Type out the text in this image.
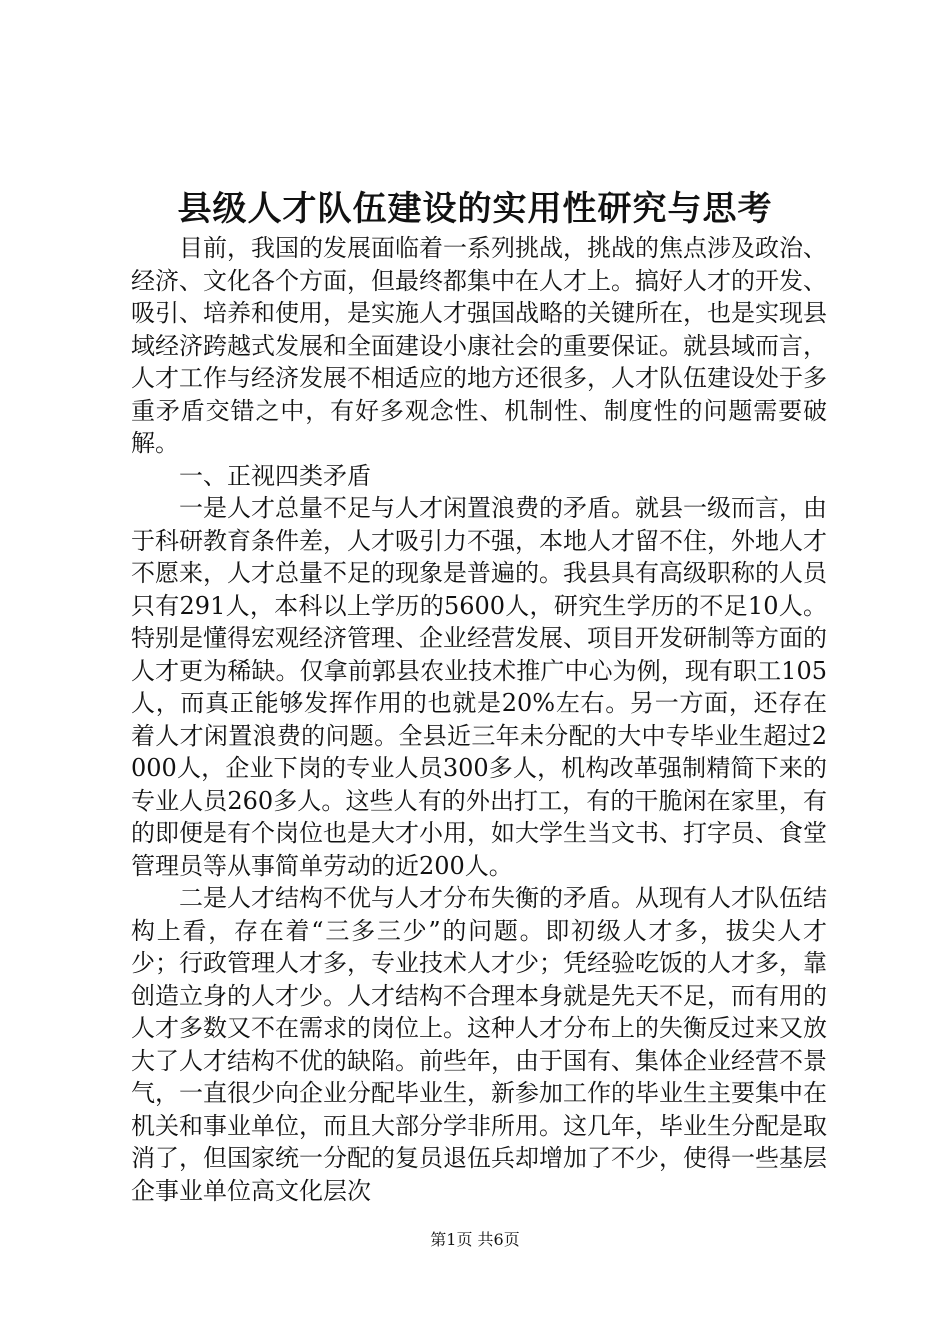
县级人才队伍建设的实用性研究与思考

目前，我国的发展面临着一系列挑战，挑战的焦点涉及政治、经济、文化各个方面，但最终都集中在人才上。搞好人才的开发、吸引、培养和使用，是实施人才强国战略的关键所在，也是实现县域经济跨越式发展和全面建设小康社会的重要保证。就县域而言，人才工作与经济发展不相适应的地方还很多，人才队伍建设处于多重矛盾交错之中，有好多观念性、机制性、制度性的问题需要破解。

一、正视四类矛盾

一是人才总量不足与人才闲置浪费的矛盾。就县一级而言，由于科研教育条件差，人才吸引力不强，本地人才留不住，外地人才不愿来，人才总量不足的现象是普遍的。我县具有高级职称的人员只有291人，本科以上学历的5600人，研究生学历的不足10人。特别是懂得宏观经济管理、企业经营发展、项目开发研制等方面的人才更为稀缺。仅拿前郭县农业技术推广中心为例，现有职工105人，而真正能够发挥作用的也就是20%左右。另一方面，还存在着人才闲置浪费的问题。全县近三年未分配的大中专毕业生超过2000人，企业下岗的专业人员300多人，机构改革强制精简下来的专业人员260多人。这些人有的外出打工，有的干脆闲在家里，有的即便是有个岗位也是大才小用，如大学生当文书、打字员、食堂管理员等从事简单劳动的近200人。

二是人才结构不优与人才分布失衡的矛盾。从现有人才队伍结构上看，存在着“三多三少”的问题。即初级人才多，拔尖人才少；行政管理人才多，专业技术人才少；凭经验吃饭的人才多，靠创造立身的人才少。人才结构不合理本身就是先天不足，而有用的人才多数又不在需求的岗位上。这种人才分布上的失衡反过来又放大了人才结构不优的缺陷。前些年，由于国有、集体企业经营不景气，一直很少向企业分配毕业生，新参加工作的毕业生主要集中在机关和事业单位，而且大部分学非所用。这几年，毕业生分配是取消了，但国家统一分配的复员退伍兵却增加了不少，使得一些基层企事业单位高文化层次

第1页 共6页
